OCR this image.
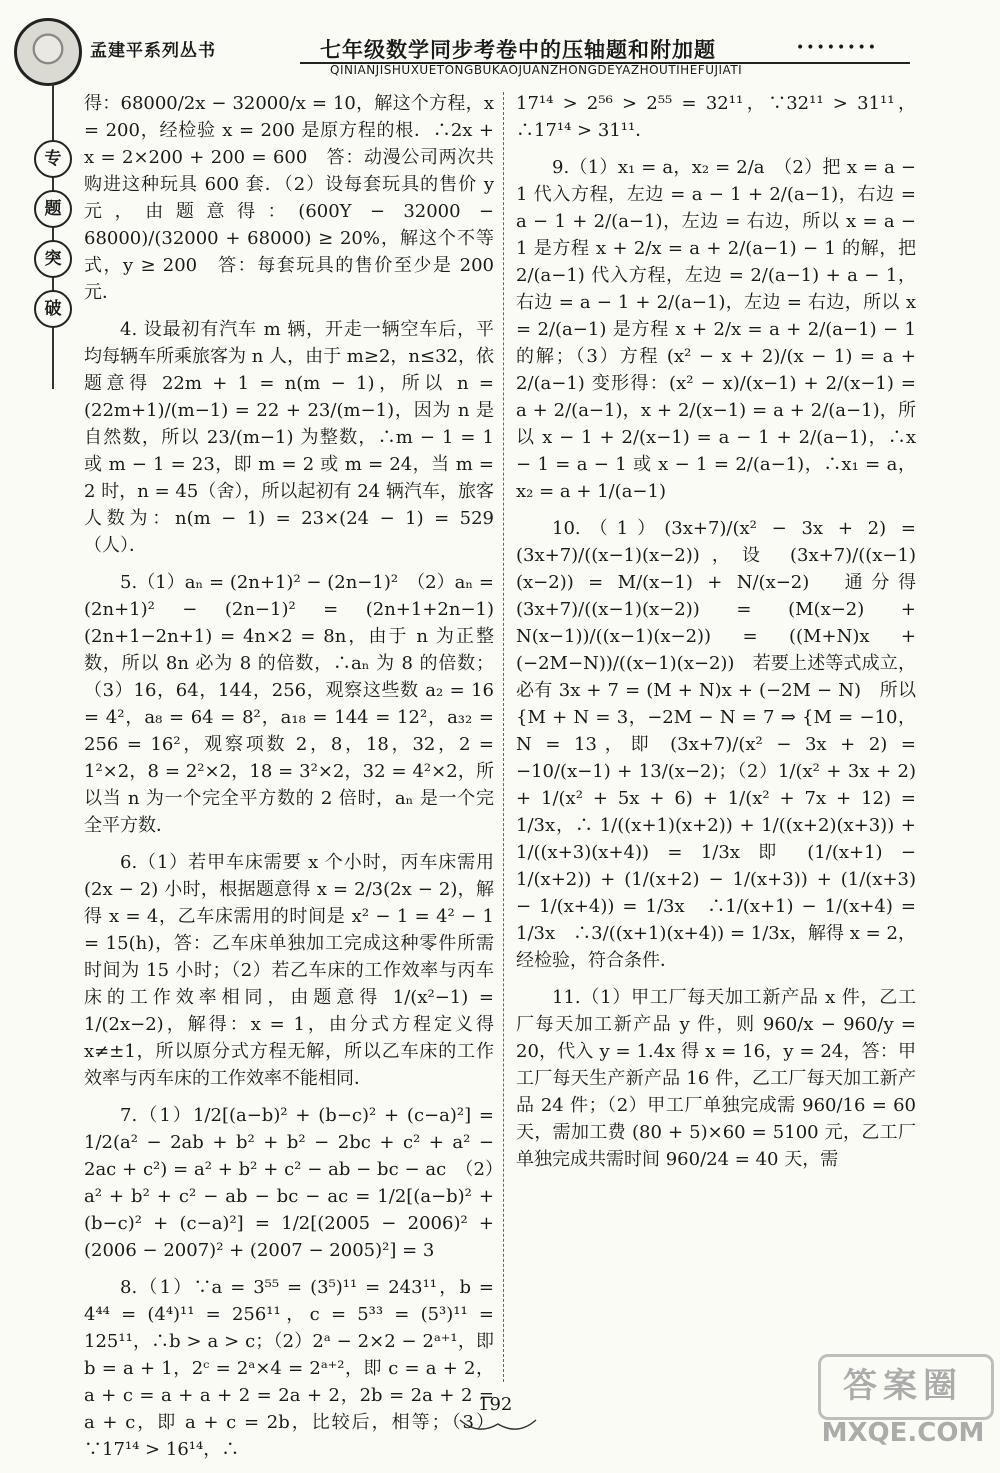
孟建平系列丛书	七年级数学同步考卷中的压轴题和附加题	••••••••
QINIANJISHUXUETONGBUKAOJUANZHONGDEYAZHOUTIHEFUJIATI
专
题
突
破

得：68000/2x − 32000/x = 10，解这个方程，x = 200，经检验 x = 200 是原方程的根．∴2x + x = 2×200 + 200 = 600　答：动漫公司两次共购进这种玩具 600 套．（2）设每套玩具的售价 y 元，由题意得：(600Y − 32000 − 68000)/(32000 + 68000) ≥ 20%，解这个不等式，y ≥ 200　答：每套玩具的售价至少是 200 元．

4. 设最初有汽车 m 辆，开走一辆空车后，平均每辆车所乘旅客为 n 人，由于 m≥2，n≤32，依题意得 22m + 1 = n(m − 1)，所以 n = (22m+1)/(m−1) = 22 + 23/(m−1)，因为 n 是自然数，所以 23/(m−1) 为整数，∴m − 1 = 1 或 m − 1 = 23，即 m = 2 或 m = 24，当 m = 2 时，n = 45（舍），所以起初有 24 辆汽车，旅客人数为：n(m − 1) = 23×(24 − 1) = 529（人）．

5.（1）aₙ = (2n+1)² − (2n−1)²　（2）aₙ = (2n+1)² − (2n−1)² = (2n+1+2n−1)(2n+1−2n+1) = 4n×2 = 8n，由于 n 为正整数，所以 8n 必为 8 的倍数，∴aₙ 为 8 的倍数；（3）16，64，144，256，观察这些数 a₂ = 16 = 4²，a₈ = 64 = 8²，a₁₈ = 144 = 12²，a₃₂ = 256 = 16²，观察项数 2，8，18，32，2 = 1²×2，8 = 2²×2，18 = 3²×2，32 = 4²×2，所以当 n 为一个完全平方数的 2 倍时，aₙ 是一个完全平方数．

6.（1）若甲车床需要 x 个小时，丙车床需用 (2x − 2) 小时，根据题意得 x = 2/3(2x − 2)，解得 x = 4，乙车床需用的时间是 x² − 1 = 4² − 1 = 15(h)，答：乙车床单独加工完成这种零件所需时间为 15 小时；（2）若乙车床的工作效率与丙车床的工作效率相同，由题意得 1/(x²−1) = 1/(2x−2)，解得：x = 1，由分式方程定义得 x≠±1，所以原分式方程无解，所以乙车床的工作效率与丙车床的工作效率不能相同．

7.（1）1/2[(a−b)² + (b−c)² + (c−a)²] = 1/2(a² − 2ab + b² + b² − 2bc + c² + a² − 2ac + c²) = a² + b² + c² − ab − bc − ac　（2）a² + b² + c² − ab − bc − ac = 1/2[(a−b)² + (b−c)² + (c−a)²] = 1/2[(2005 − 2006)² + (2006 − 2007)² + (2007 − 2005)²] = 3

8.（1）∵a = 3⁵⁵ = (3⁵)¹¹ = 243¹¹，b = 4⁴⁴ = (4⁴)¹¹ = 256¹¹，c = 5³³ = (5³)¹¹ = 125¹¹，∴b > a > c；（2）2ᵃ − 2×2 − 2ᵃ⁺¹，即 b = a + 1，2ᶜ = 2ᵃ×4 = 2ᵃ⁺²，即 c = a + 2，a + c = a + a + 2 = 2a + 2，2b = 2a + 2 = a + c，即 a + c = 2b，比较后，相等；（3）∵17¹⁴ > 16¹⁴，∴

17¹⁴ > 2⁵⁶ > 2⁵⁵ = 32¹¹，∵32¹¹ > 31¹¹，∴17¹⁴ > 31¹¹．

9.（1）x₁ = a，x₂ = 2/a　（2）把 x = a − 1 代入方程，左边 = a − 1 + 2/(a−1)，右边 = a − 1 + 2/(a−1)，左边 = 右边，所以 x = a − 1 是方程 x + 2/x = a + 2/(a−1) − 1 的解，把 2/(a−1) 代入方程，左边 = 2/(a−1) + a − 1，右边 = a − 1 + 2/(a−1)，左边 = 右边，所以 x = 2/(a−1) 是方程 x + 2/x = a + 2/(a−1) − 1 的解；（3）方程 (x² − x + 2)/(x − 1) = a + 2/(a−1) 变形得：(x² − x)/(x−1) + 2/(x−1) = a + 2/(a−1)，x + 2/(x−1) = a + 2/(a−1)，所以 x − 1 + 2/(x−1) = a − 1 + 2/(a−1)，∴x − 1 = a − 1 或 x − 1 = 2/(a−1)，∴x₁ = a，x₂ = a + 1/(a−1)

10.（1）(3x+7)/(x² − 3x + 2) = (3x+7)/((x−1)(x−2))，设 (3x+7)/((x−1)(x−2)) = M/(x−1) + N/(x−2)　通分得 (3x+7)/((x−1)(x−2)) = (M(x−2) + N(x−1))/((x−1)(x−2)) = ((M+N)x + (−2M−N))/((x−1)(x−2))　若要上述等式成立，必有 3x + 7 = (M + N)x + (−2M − N)　所以 {M + N = 3，−2M − N = 7 ⇒ {M = −10，N = 13，即 (3x+7)/(x² − 3x + 2) = −10/(x−1) + 13/(x−2)；（2）1/(x² + 3x + 2) + 1/(x² + 5x + 6) + 1/(x² + 7x + 12) = 1/3x，∴ 1/((x+1)(x+2)) + 1/((x+2)(x+3)) + 1/((x+3)(x+4)) = 1/3x 即 (1/(x+1) − 1/(x+2)) + (1/(x+2) − 1/(x+3)) + (1/(x+3) − 1/(x+4)) = 1/3x　∴1/(x+1) − 1/(x+4) = 1/3x　∴3/((x+1)(x+4)) = 1/3x，解得 x = 2，经检验，符合条件．

11.（1）甲工厂每天加工新产品 x 件，乙工厂每天加工新产品 y 件，则 960/x − 960/y = 20，代入 y = 1.4x 得 x = 16，y = 24，答：甲工厂每天生产新产品 16 件，乙工厂每天加工新产品 24 件；（2）甲工厂单独完成需 960/16 = 60 天，需加工费 (80 + 5)×60 = 5100 元，乙工厂单独完成共需时间 960/24 = 40 天，需

192	答案圈
MXQE.COM
